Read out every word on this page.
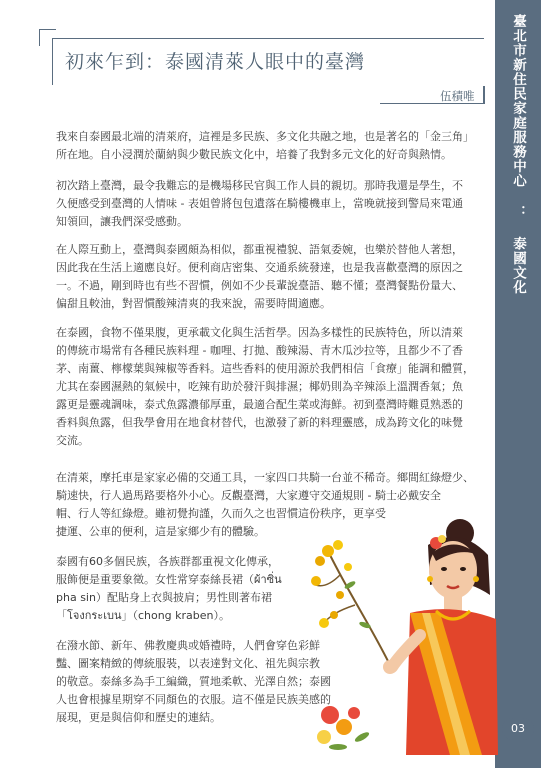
臺北市新住民家庭服務中心 ： 泰國文化
03
初來乍到：泰國清萊人眼中的臺灣
伍積唯
我來自泰國最北端的清萊府，這裡是多民族、多文化共融之地，也是著名的「金三角」
所在地。自小浸潤於蘭納與少數民族文化中，培養了我對多元文化的好奇與熱情。
初次踏上臺灣，最令我難忘的是機場移民官與工作人員的親切。那時我還是學生，不
久便感受到臺灣的人情味 - 表姐曾將包包遺落在騎樓機車上，當晚就接到警局來電通
知領回，讓我們深受感動。
在人際互動上，臺灣與泰國頗為相似，都重視禮貌、語氣委婉，也樂於替他人著想，
因此我在生活上適應良好。便利商店密集、交通系統發達，也是我喜歡臺灣的原因之
一。不過，剛到時也有些不習慣，例如不少長輩說臺語、聽不懂；臺灣餐點份量大、
偏甜且較油，對習慣酸辣清爽的我來說，需要時間適應。
在泰國，食物不僅果腹，更承載文化與生活哲學。因為多樣性的民族特色，所以清萊
的傳統市場常有各種民族料理 - 咖哩、打拋、酸辣湯、青木瓜沙拉等，且都少不了香
茅、南薑、檸檬葉與辣椒等香料。這些香料的使用源於我們相信「食療」能調和體質，
尤其在泰國濕熱的氣候中，吃辣有助於發汗與排濕；椰奶則為辛辣添上溫潤香氣；魚
露更是靈魂調味，泰式魚露濃郁厚重，最適合配生菜或海鮮。初到臺灣時難覓熟悉的
香料與魚露，但我學會用在地食材替代，也激發了新的料理靈感，成為跨文化的味覺
交流。
在清萊，摩托車是家家必備的交通工具，一家四口共騎一台並不稀奇。鄉間紅綠燈少、
騎速快，行人過馬路要格外小心。反觀臺灣，大家遵守交通規則 - 騎士必戴安全
帽、行人等紅綠燈。雖初覺拘謹，久而久之也習慣這份秩序，更享受
捷運、公車的便利，這是家鄉少有的體驗。
泰國有60多個民族，各族群都重視文化傳承，
服飾便是重要象徵。女性常穿泰絲長裙（ผ้าซิ่น
pha sin）配貼身上衣與披肩；男性則著布裙
「โจงกระเบน」（chong kraben）。
在潑水節、新年、佛教慶典或婚禮時，人們會穿色彩鮮
豔、圖案精緻的傳統服裝，以表達對文化、祖先與宗教
的敬意。泰絲多為手工編織，質地柔軟、光澤自然；泰國
人也會根據星期穿不同顏色的衣服。這不僅是民族美感的
展現，更是與信仰和歷史的連結。
